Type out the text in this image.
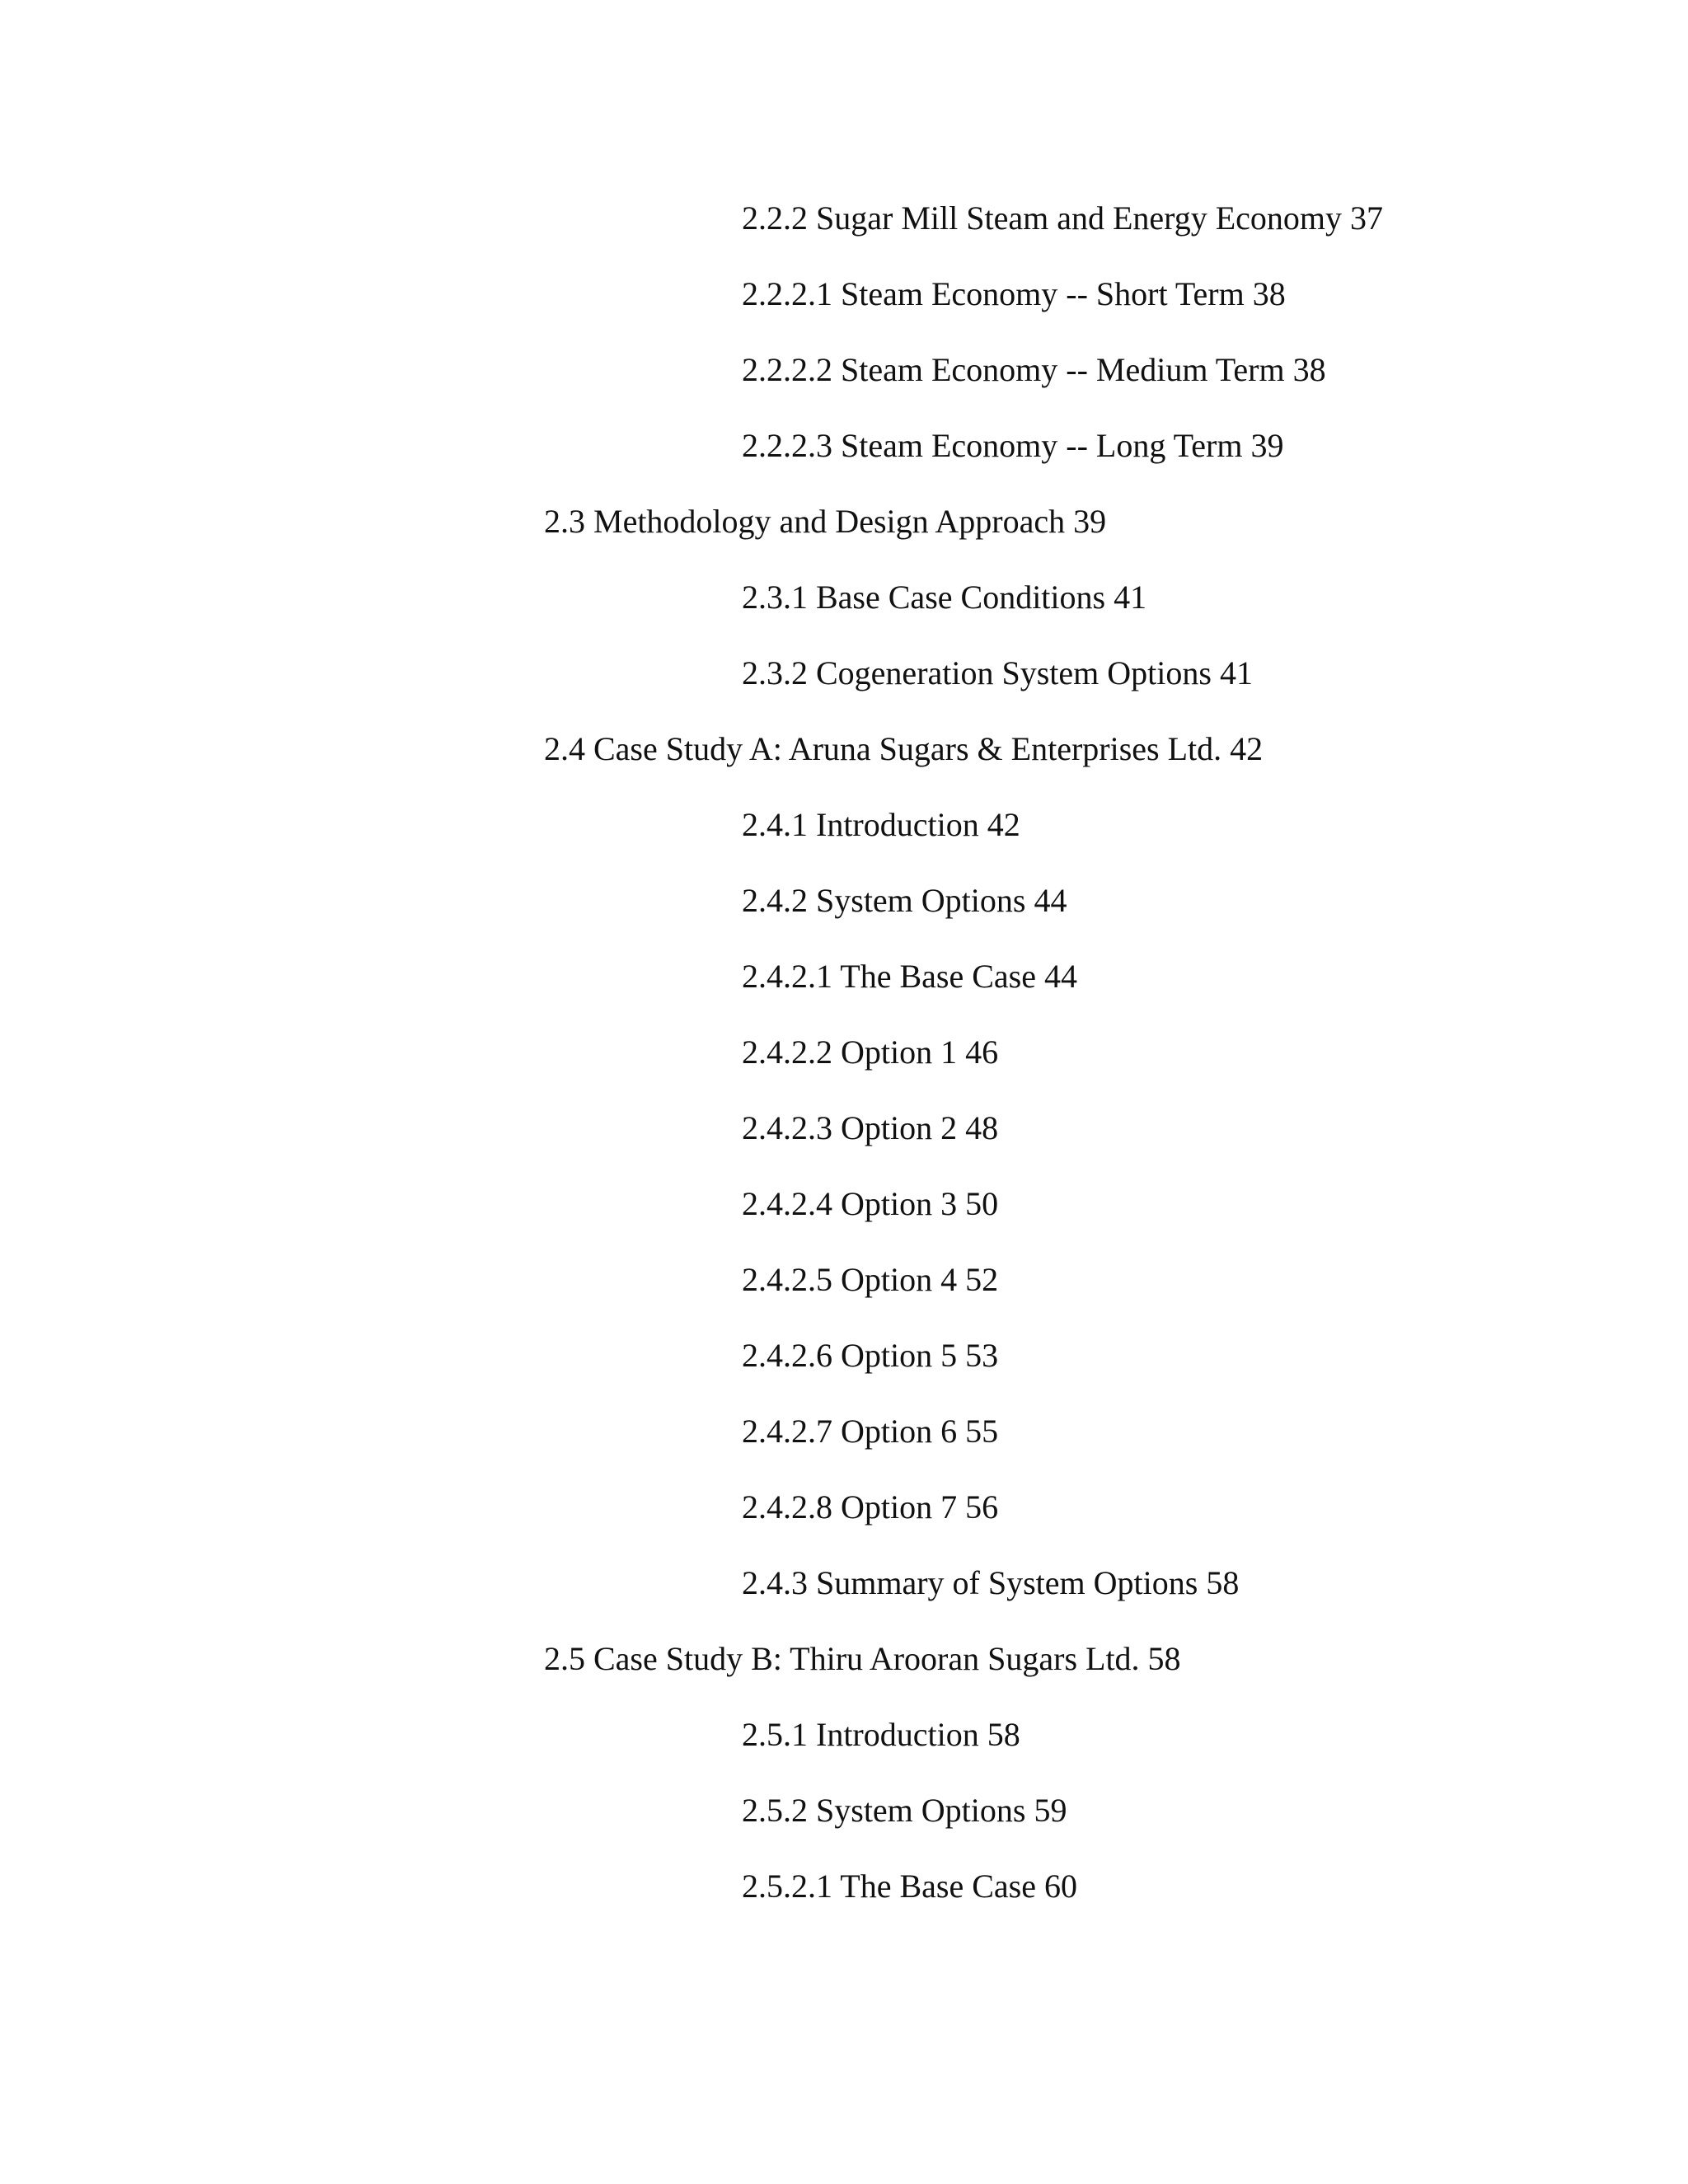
2.2.2 Sugar Mill Steam and Energy Economy 37
2.2.2.1 Steam Economy -- Short Term 38
2.2.2.2 Steam Economy -- Medium Term 38
2.2.2.3 Steam Economy -- Long Term 39
2.3 Methodology and Design Approach 39
2.3.1 Base Case Conditions 41
2.3.2 Cogeneration System Options 41
2.4 Case Study A: Aruna Sugars & Enterprises Ltd. 42
2.4.1 Introduction 42
2.4.2 System Options 44
2.4.2.1 The Base Case 44
2.4.2.2 Option 1 46
2.4.2.3 Option 2 48
2.4.2.4 Option 3 50
2.4.2.5 Option 4 52
2.4.2.6 Option 5 53
2.4.2.7 Option 6 55
2.4.2.8 Option 7 56
2.4.3 Summary of System Options 58
2.5 Case Study B: Thiru Arooran Sugars Ltd. 58
2.5.1 Introduction 58
2.5.2 System Options 59
2.5.2.1 The Base Case 60
